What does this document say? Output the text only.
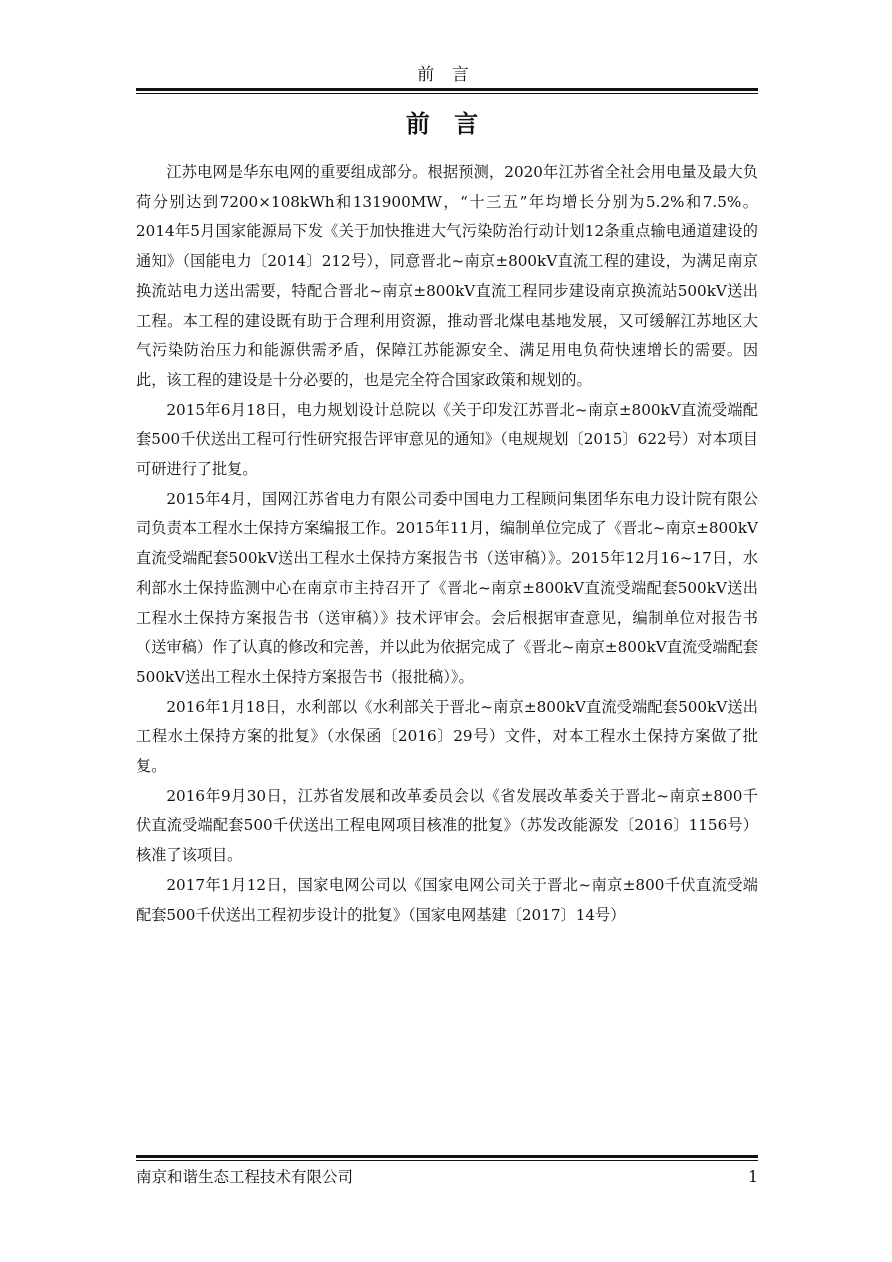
前 言
前 言

江苏电网是华东电网的重要组成部分。根据预测，2020年江苏省全社会用电量及最大负荷分别达到7200×108kWh和131900MW，“十三五”年均增长分别为5.2%和7.5%。2014年5月国家能源局下发《关于加快推进大气污染防治行动计划12条重点输电通道建设的通知》（国能电力〔2014〕212号），同意晋北~南京±800kV直流工程的建设，为满足南京换流站电力送出需要，特配合晋北~南京±800kV直流工程同步建设南京换流站500kV送出工程。本工程的建设既有助于合理利用资源，推动晋北煤电基地发展，又可缓解江苏地区大气污染防治压力和能源供需矛盾，保障江苏能源安全、满足用电负荷快速增长的需要。因此，该工程的建设是十分必要的，也是完全符合国家政策和规划的。

2015年6月18日，电力规划设计总院以《关于印发江苏晋北~南京±800kV直流受端配套500千伏送出工程可行性研究报告评审意见的通知》（电规规划〔2015〕622号）对本项目可研进行了批复。

2015年4月，国网江苏省电力有限公司委中国电力工程顾问集团华东电力设计院有限公司负责本工程水土保持方案编报工作。2015年11月，编制单位完成了《晋北~南京±800kV直流受端配套500kV送出工程水土保持方案报告书（送审稿）》。2015年12月16~17日，水利部水土保持监测中心在南京市主持召开了《晋北~南京±800kV直流受端配套500kV送出工程水土保持方案报告书（送审稿）》技术评审会。会后根据审查意见，编制单位对报告书（送审稿）作了认真的修改和完善，并以此为依据完成了《晋北~南京±800kV直流受端配套500kV送出工程水土保持方案报告书（报批稿）》。

2016年1月18日，水利部以《水利部关于晋北~南京±800kV直流受端配套500kV送出工程水土保持方案的批复》（水保函〔2016〕29号）文件，对本工程水土保持方案做了批复。

2016年9月30日，江苏省发展和改革委员会以《省发展改革委关于晋北~南京±800千伏直流受端配套500千伏送出工程电网项目核准的批复》（苏发改能源发〔2016〕1156号）核准了该项目。

2017年1月12日，国家电网公司以《国家电网公司关于晋北~南京±800千伏直流受端配套500千伏送出工程初步设计的批复》（国家电网基建〔2017〕14号）

南京和谐生态工程技术有限公司	1
